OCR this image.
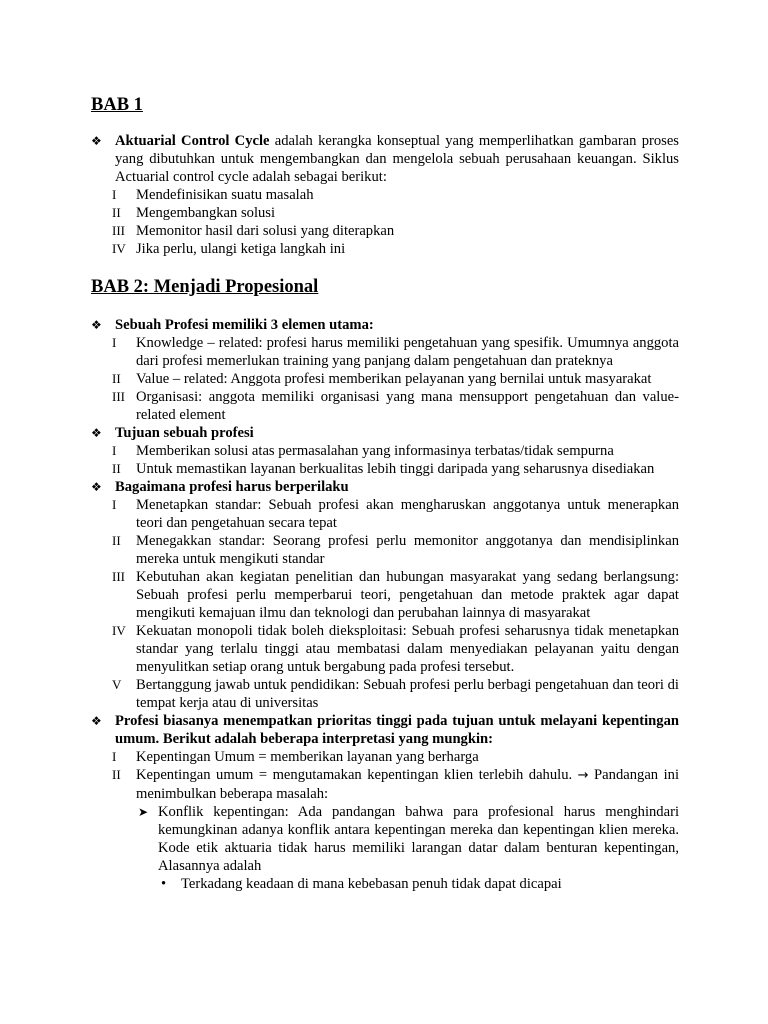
BAB 1
❖ Aktuarial Control Cycle adalah kerangka konseptual yang memperlihatkan gambaran proses yang dibutuhkan untuk mengembangkan dan mengelola sebuah perusahaan keuangan. Siklus Actuarial control cycle adalah sebagai berikut:
I	Mendefinisikan suatu masalah
II	Mengembangkan solusi
III Memonitor hasil dari solusi yang diterapkan
IV Jika perlu, ulangi ketiga langkah ini
BAB 2: Menjadi Propesional
❖ Sebuah Profesi memiliki 3 elemen utama:
I	Knowledge – related: profesi harus memiliki pengetahuan yang spesifik. Umumnya anggota dari profesi memerlukan training yang panjang dalam pengetahuan dan prateknya
II	Value – related: Anggota profesi memberikan pelayanan yang bernilai untuk masyarakat
III Organisasi: anggota memiliki organisasi yang mana mensupport pengetahuan dan value-related element
❖ Tujuan sebuah profesi
I	Memberikan solusi atas permasalahan yang informasinya terbatas/tidak sempurna
II	Untuk memastikan layanan berkualitas lebih tinggi daripada yang seharusnya disediakan
❖ Bagaimana profesi harus berperilaku
I	Menetapkan standar: Sebuah profesi akan mengharuskan anggotanya untuk menerapkan teori dan pengetahuan secara tepat
II	Menegakkan standar: Seorang profesi perlu memonitor anggotanya dan mendisiplinkan mereka untuk mengikuti standar
III Kebutuhan akan kegiatan penelitian dan hubungan masyarakat yang sedang berlangsung: Sebuah profesi perlu memperbarui teori, pengetahuan dan metode praktek agar dapat mengikuti kemajuan ilmu dan teknologi dan perubahan lainnya di masyarakat
IV Kekuatan monopoli tidak boleh dieksploitasi: Sebuah profesi seharusnya tidak menetapkan standar yang terlalu tinggi atau membatasi dalam menyediakan pelayanan yaitu dengan menyulitkan setiap orang untuk bergabung pada profesi tersebut.
V	Bertanggung jawab untuk pendidikan: Sebuah profesi perlu berbagi pengetahuan dan teori di tempat kerja atau di universitas
❖ Profesi biasanya menempatkan prioritas tinggi pada tujuan untuk melayani kepentingan umum. Berikut adalah beberapa interpretasi yang mungkin:
I	Kepentingan Umum = memberikan layanan yang berharga
II	Kepentingan umum = mengutamakan kepentingan klien terlebih dahulu. → Pandangan ini menimbulkan beberapa masalah:
➤ Konflik kepentingan: Ada pandangan bahwa para profesional harus menghindari kemungkinan adanya konflik antara kepentingan mereka dan kepentingan klien mereka. Kode etik aktuaria tidak harus memiliki larangan datar dalam benturan kepentingan, Alasannya adalah
•	Terkadang keadaan di mana kebebasan penuh tidak dapat dicapai
